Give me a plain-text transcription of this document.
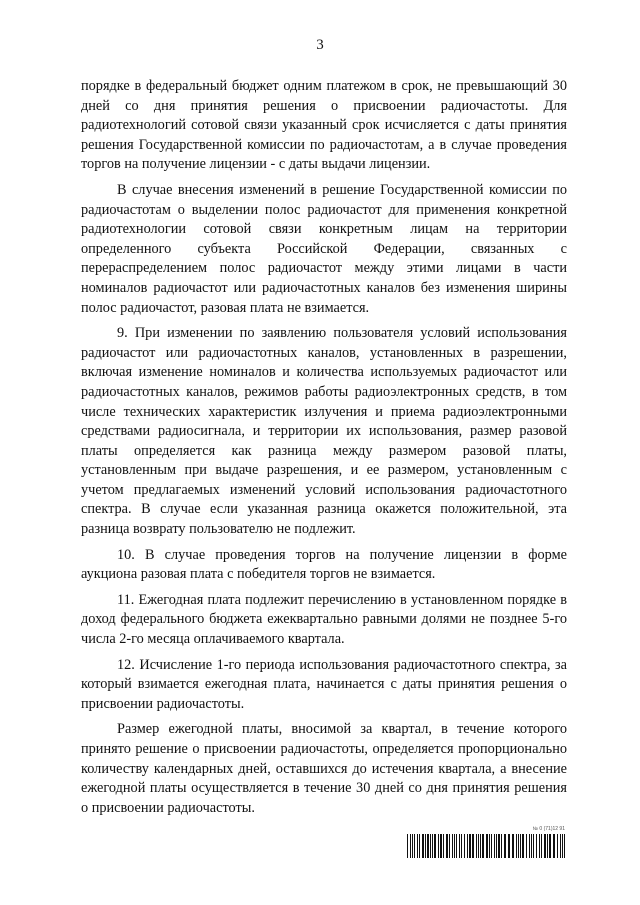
3

порядке в федеральный бюджет одним платежом в срок, не превышающий 30 дней со дня принятия решения о присвоении радиочастоты. Для радиотехнологий сотовой связи указанный срок исчисляется с даты принятия решения Государственной комиссии по радиочастотам, а в случае проведения торгов на получение лицензии - с даты выдачи лицензии.

В случае внесения изменений в решение Государственной комиссии по радиочастотам о выделении полос радиочастот для применения конкретной радиотехнологии сотовой связи конкретным лицам на территории определенного субъекта Российской Федерации, связанных с перераспределением полос радиочастот между этими лицами в части номиналов радиочастот или радиочастотных каналов без изменения ширины полос радиочастот, разовая плата не взимается.

9. При изменении по заявлению пользователя условий использования радиочастот или радиочастотных каналов, установленных в разрешении, включая изменение номиналов и количества используемых радиочастот или радиочастотных каналов, режимов работы радиоэлектронных средств, в том числе технических характеристик излучения и приема радиоэлектронными средствами радиосигнала, и территории их использования, размер разовой платы определяется как разница между размером разовой платы, установленным при выдаче разрешения, и ее размером, установленным с учетом предлагаемых изменений условий использования радиочастотного спектра. В случае если указанная разница окажется положительной, эта разница возврату пользователю не подлежит.

10. В случае проведения торгов на получение лицензии в форме аукциона разовая плата с победителя торгов не взимается.

11. Ежегодная плата подлежит перечислению в установленном порядке в доход федерального бюджета ежеквартально равными долями не позднее 5-го числа 2-го месяца оплачиваемого квартала.

12. Исчисление 1-го периода использования радиочастотного спектра, за который взимается ежегодная плата, начинается с даты принятия решения о присвоении радиочастоты.

Размер ежегодной платы, вносимой за квартал, в течение которого принято решение о присвоении радиочастоты, определяется пропорционально количеству календарных дней, оставшихся до истечения квартала, а внесение ежегодной платы осуществляется в течение 30 дней со дня принятия решения о присвоении радиочастоты.

№ 0 (71)12 91
